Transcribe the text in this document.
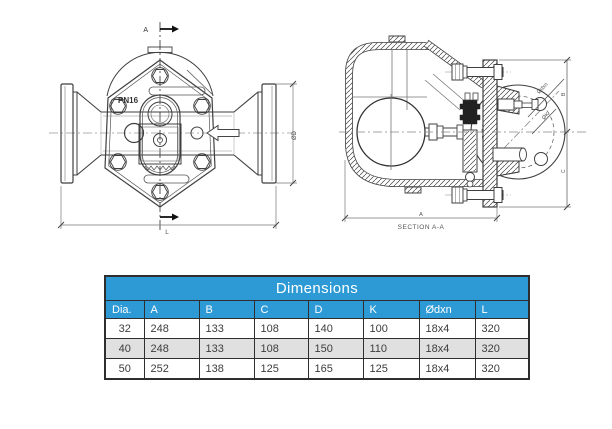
A
PN16
L
ØD
A
SECTION A-A
Ødxn
ØK
B
C
Dimensions							
Dia.	A	B	C	D	K	Ødxn	L
32	248	133	108	140	100	18x4	320
40	248	133	108	150	110	18x4	320
50	252	138	125	165	125	18x4	320
